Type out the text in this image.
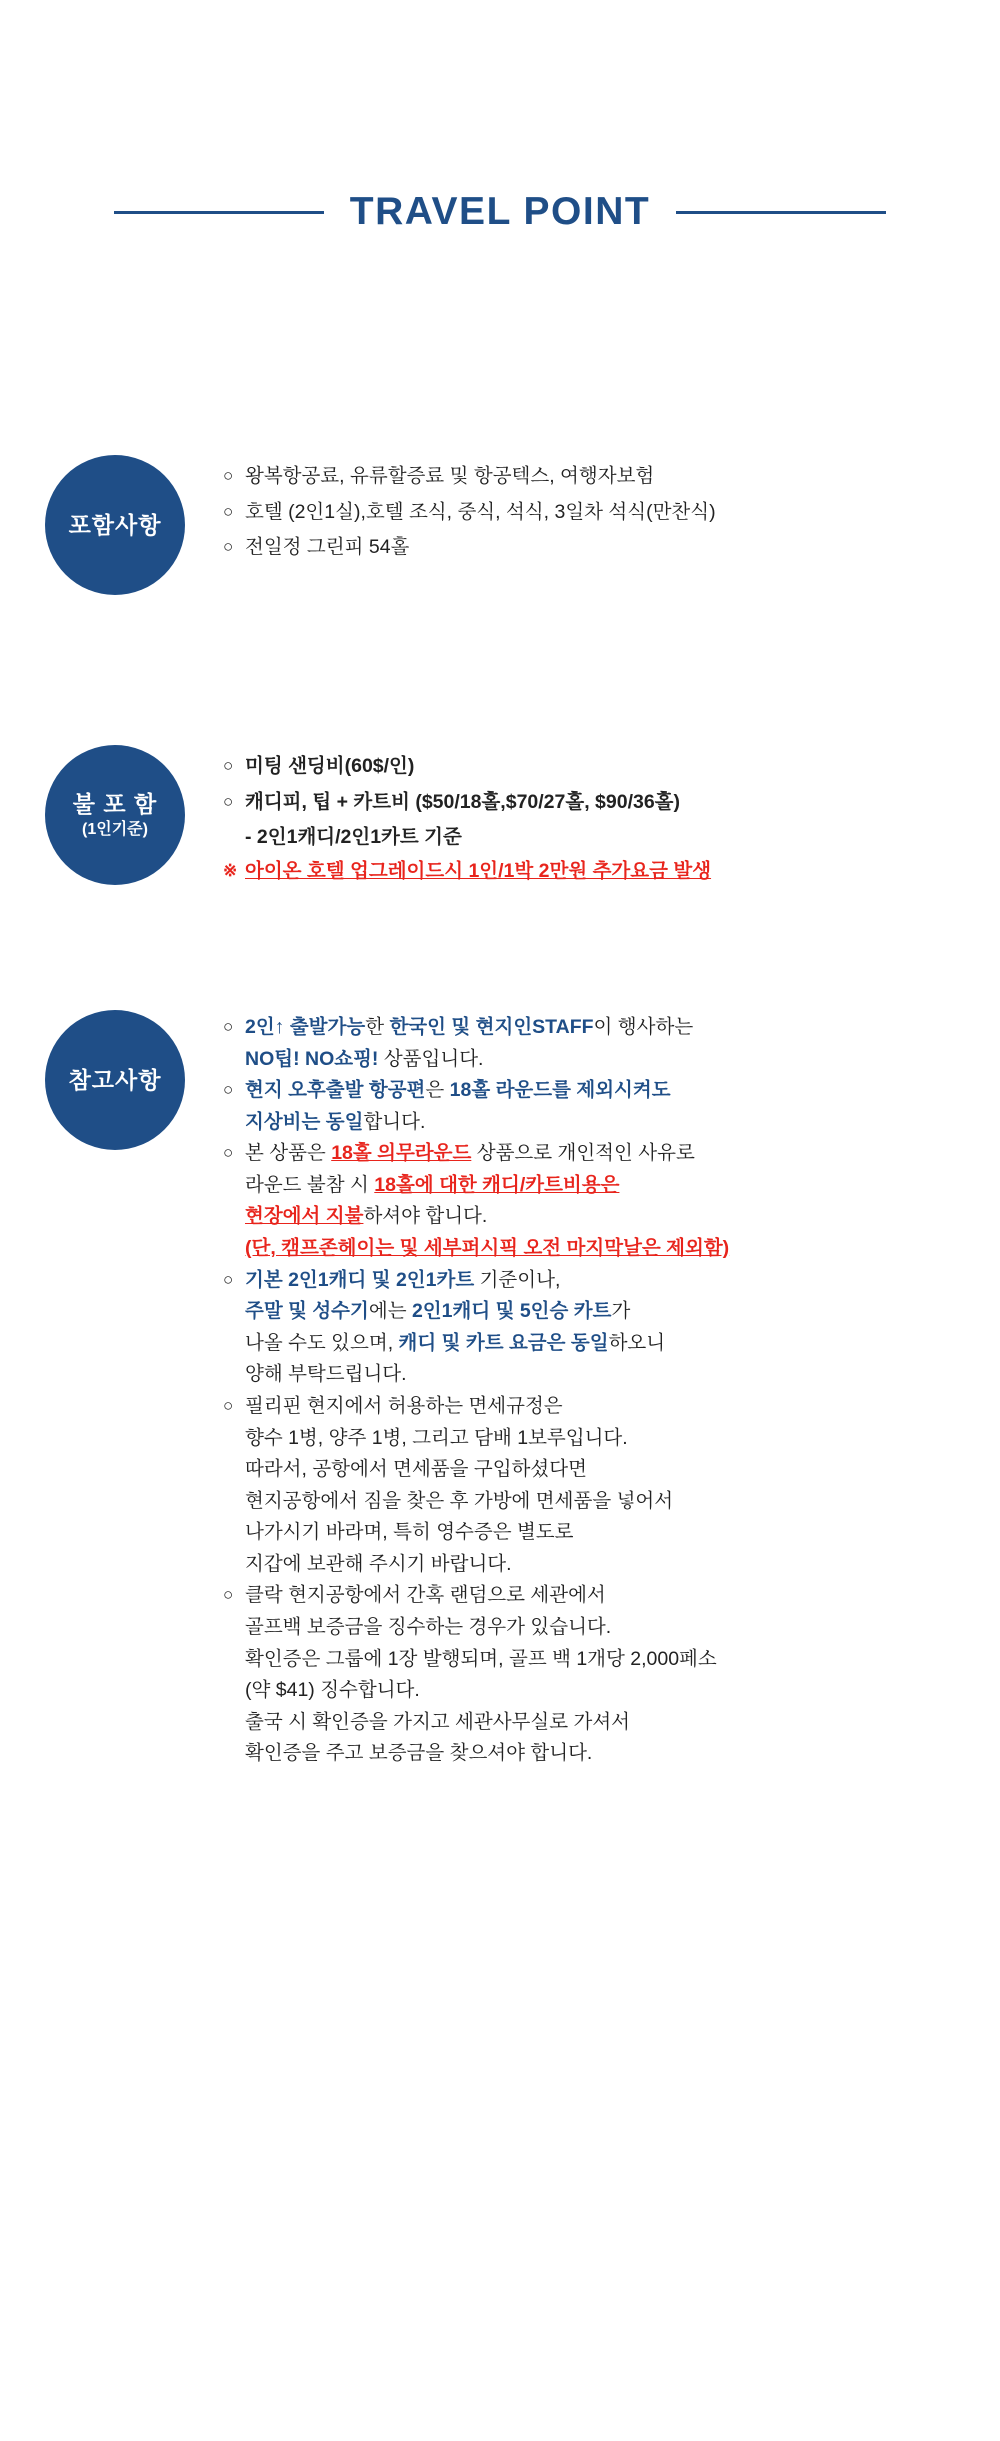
TRAVEL POINT
포함사항
○ 왕복항공료, 유류할증료 및 항공텍스, 여행자보험
○ 호텔 (2인1실),호텔 조식, 중식, 석식, 3일차 석식(만찬식)
○ 전일정 그린피 54홀
불 포 함
(1인기준)
○ 미팅 샌딩비(60$/인)
○ 캐디피, 팁 + 카트비 ($50/18홀,$70/27홀, $90/36홀)
- 2인1캐디/2인1카트 기준
※ 아이온 호텔 업그레이드시 1인/1박 2만원 추가요금 발생
참고사항
○ 2인↑ 출발가능한 한국인 및 현지인STAFF이 행사하는
NO팁! NO쇼핑! 상품입니다.
○ 현지 오후출발 항공편은 18홀 라운드를 제외시켜도
지상비는 동일합니다.
○ 본 상품은 18홀 의무라운드 상품으로 개인적인 사유로
라운드 불참 시 18홀에 대한 캐디/카트비용은
현장에서 지불하셔야 합니다.
(단, 캠프존헤이는 및 세부퍼시픽 오전 마지막날은 제외함)
○ 기본 2인1캐디 및 2인1카트 기준이나,
주말 및 성수기에는 2인1캐디 및 5인승 카트가
나올 수도 있으며, 캐디 및 카트 요금은 동일하오니
양해 부탁드립니다.
○ 필리핀 현지에서 허용하는 면세규정은
향수 1병, 양주 1병, 그리고 담배 1보루입니다.
따라서, 공항에서 면세품을 구입하셨다면
현지공항에서 짐을 찾은 후 가방에 면세품을 넣어서
나가시기 바라며, 특히 영수증은 별도로
지갑에 보관해 주시기 바랍니다.
○ 클락 현지공항에서 간혹 랜덤으로 세관에서
골프백 보증금을 징수하는 경우가 있습니다.
확인증은 그룹에 1장 발행되며, 골프 백 1개당 2,000페소
(약 $41) 징수합니다.
출국 시 확인증을 가지고 세관사무실로 가셔서
확인증을 주고 보증금을 찾으셔야 합니다.
